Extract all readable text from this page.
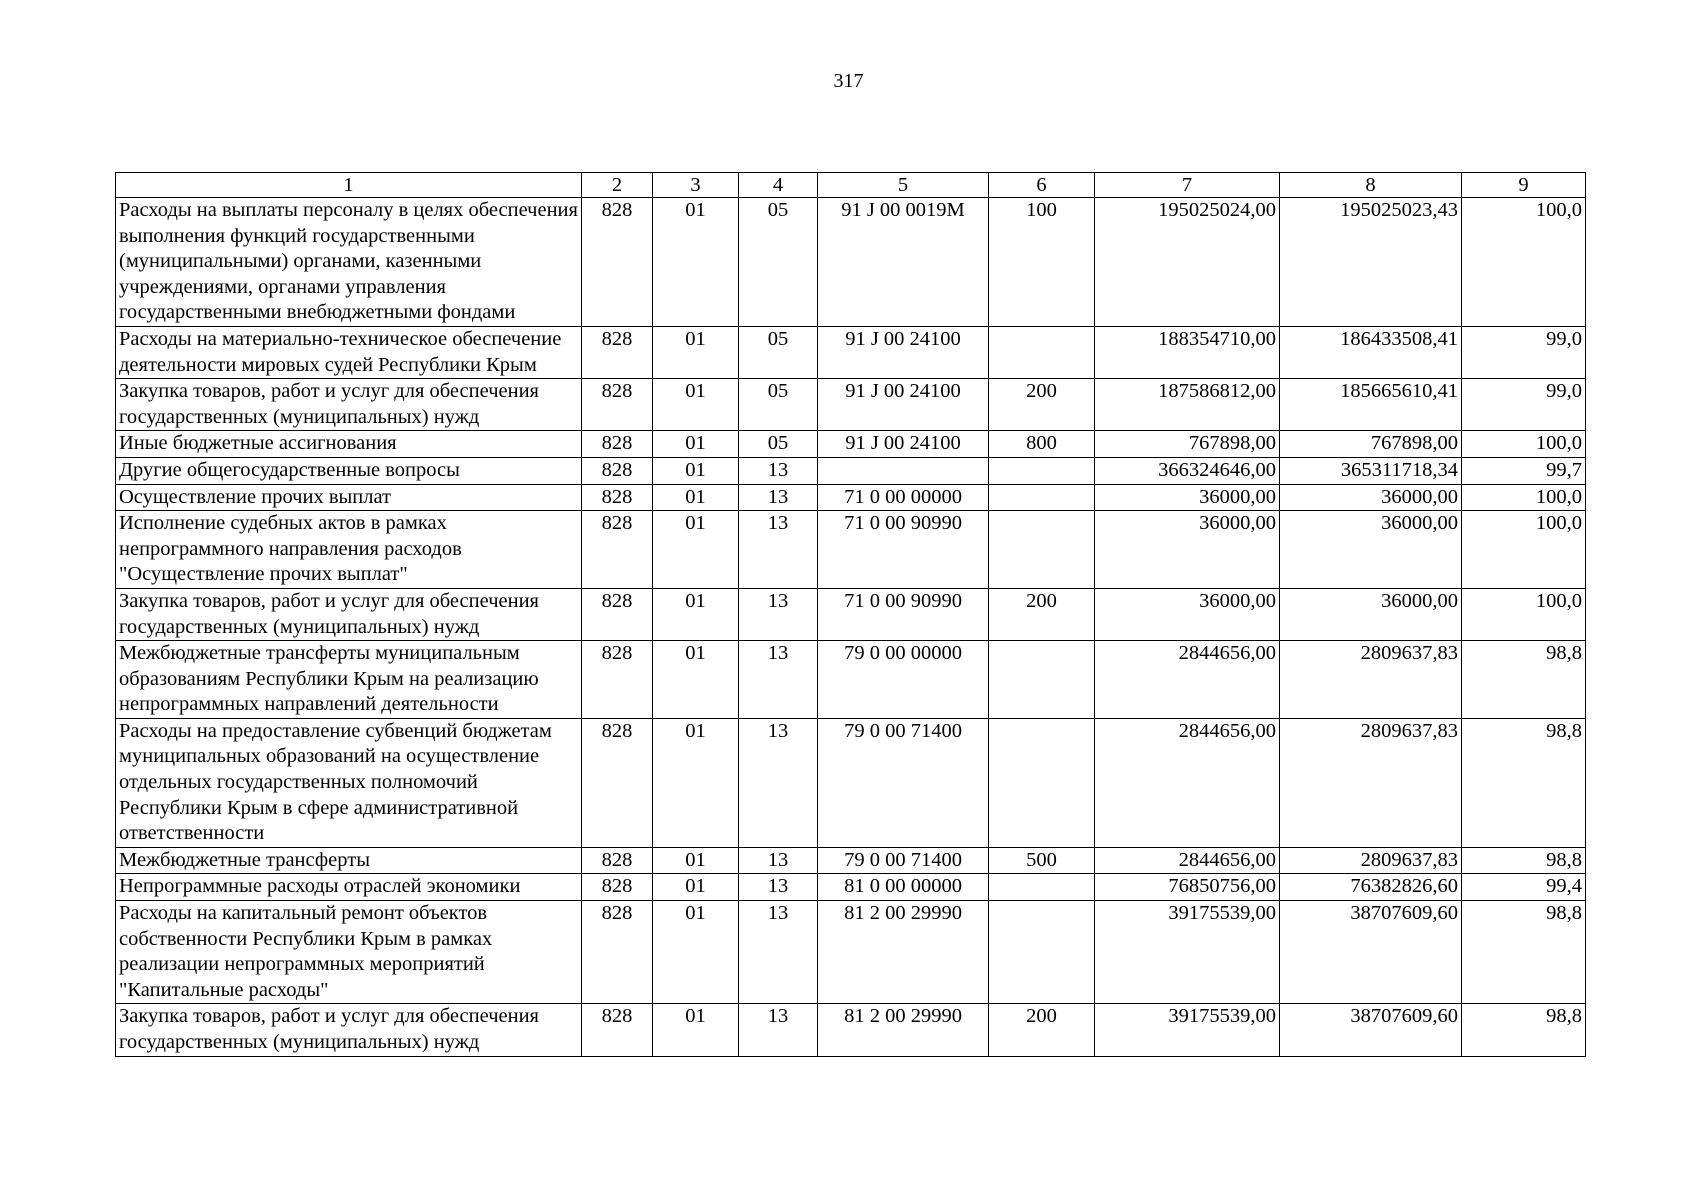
317
1	2	3	4	5	6	7	8	9
Расходы на выплаты персоналу в целях обеспечения выполнения функций государственными (муниципальными) органами, казенными учреждениями, органами управления государственными внебюджетными фондами	828	01	05	91 J 00 0019М	100	195025024,00	195025023,43	100,0
Расходы на материально-техническое обеспечение деятельности мировых судей Республики Крым	828	01	05	91 J 00 24100		188354710,00	186433508,41	99,0
Закупка товаров, работ и услуг для обеспечения государственных (муниципальных) нужд	828	01	05	91 J 00 24100	200	187586812,00	185665610,41	99,0
Иные бюджетные ассигнования	828	01	05	91 J 00 24100	800	767898,00	767898,00	100,0
Другие общегосударственные вопросы	828	01	13			366324646,00	365311718,34	99,7
Осуществление прочих выплат	828	01	13	71 0 00 00000		36000,00	36000,00	100,0
Исполнение судебных актов в рамках непрограммного направления расходов "Осуществление прочих выплат"	828	01	13	71 0 00 90990		36000,00	36000,00	100,0
Закупка товаров, работ и услуг для обеспечения государственных (муниципальных) нужд	828	01	13	71 0 00 90990	200	36000,00	36000,00	100,0
Межбюджетные трансферты муниципальным образованиям Республики Крым на реализацию непрограммных направлений деятельности	828	01	13	79 0 00 00000		2844656,00	2809637,83	98,8
Расходы на предоставление субвенций бюджетам муниципальных образований на осуществление отдельных государственных полномочий Республики Крым в сфере административной ответственности	828	01	13	79 0 00 71400		2844656,00	2809637,83	98,8
Межбюджетные трансферты	828	01	13	79 0 00 71400	500	2844656,00	2809637,83	98,8
Непрограммные расходы отраслей экономики	828	01	13	81 0 00 00000		76850756,00	76382826,60	99,4
Расходы на капитальный ремонт объектов собственности Республики Крым в рамках реализации непрограммных мероприятий "Капитальные расходы"	828	01	13	81 2 00 29990		39175539,00	38707609,60	98,8
Закупка товаров, работ и услуг для обеспечения государственных (муниципальных) нужд	828	01	13	81 2 00 29990	200	39175539,00	38707609,60	98,8
